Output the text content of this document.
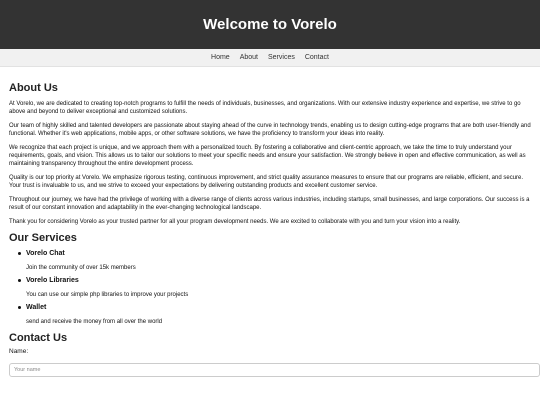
Welcome to Vorelo
Home About Services Contact
About Us

At Vorelo, we are dedicated to creating top-notch programs to fulfill the needs of individuals, businesses, and organizations. With our extensive industry experience and expertise, we strive to go above and beyond to deliver exceptional and customized solutions.

Our team of highly skilled and talented developers are passionate about staying ahead of the curve in technology trends, enabling us to design cutting-edge programs that are both user-friendly and functional. Whether it's web applications, mobile apps, or other software solutions, we have the proficiency to transform your ideas into reality.

We recognize that each project is unique, and we approach them with a personalized touch. By fostering a collaborative and client-centric approach, we take the time to truly understand your requirements, goals, and vision. This allows us to tailor our solutions to meet your specific needs and ensure your satisfaction. We strongly believe in open and effective communication, as well as maintaining transparency throughout the entire development process.

Quality is our top priority at Vorelo. We emphasize rigorous testing, continuous improvement, and strict quality assurance measures to ensure that our programs are reliable, efficient, and secure. Your trust is invaluable to us, and we strive to exceed your expectations by delivering outstanding products and excellent customer service.

Throughout our journey, we have had the privilege of working with a diverse range of clients across various industries, including startups, small businesses, and large corporations. Our success is a result of our constant innovation and adaptability in the ever-changing technological landscape.

Thank you for considering Vorelo as your trusted partner for all your program development needs. We are excited to collaborate with you and turn your vision into a reality.

Our Services
Vorelo Chat
Join the community of over 15k members
Vorelo Libraries
You can use our simple php libraries to improve your projects
Wallet
send and receive the money from all over the world
Contact Us
Name:
Your name
